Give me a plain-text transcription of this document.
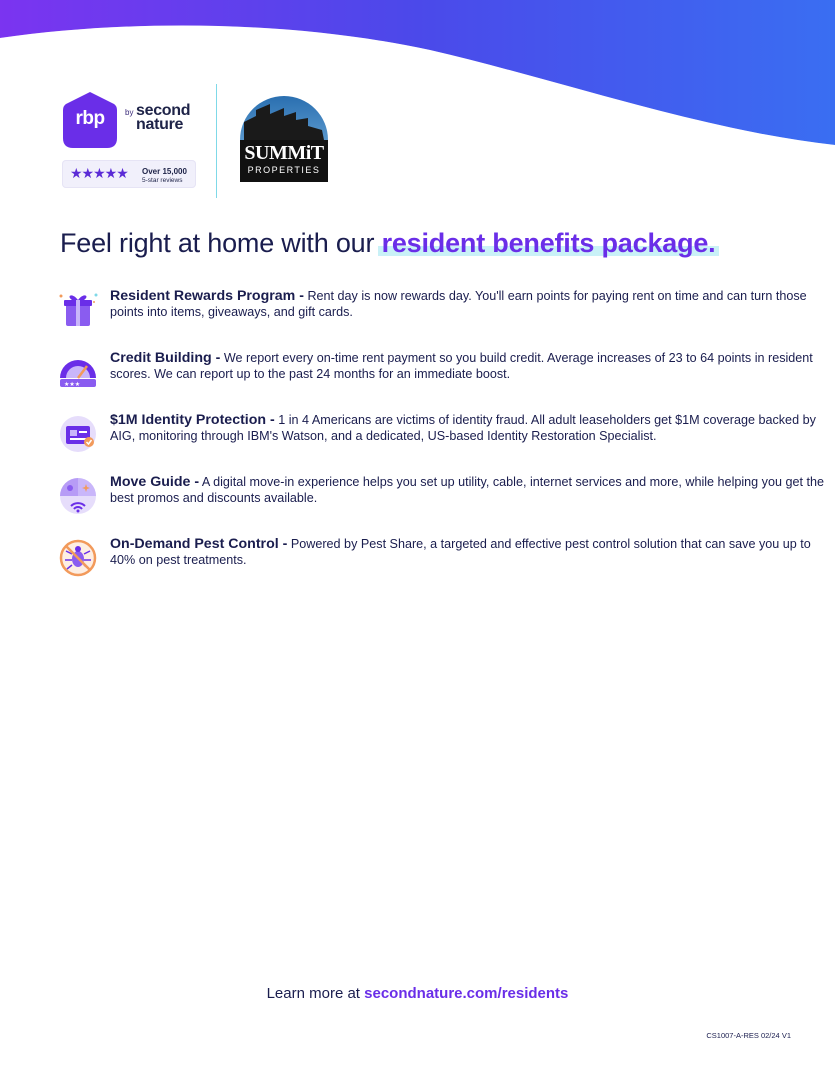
rbp	by second nature
★★★★★ Over 15,000
5-star reviews
SUMMiT
PROPERTIES
Feel right at home with our resident benefits package.
Resident Rewards Program - Rent day is now rewards day. You'll earn points for paying rent on time and can turn those points into items, giveaways, and gift cards.
★★★
Credit Building - We report every on-time rent payment so you build credit. Average increases of 23 to 64 points in resident scores. We can report up to the past 24 months for an immediate boost.
$1M Identity Protection - 1 in 4 Americans are victims of identity fraud. All adult leaseholders get $1M coverage backed by AIG, monitoring through IBM's Watson, and a dedicated, US-based Identity Restoration Specialist.
Move Guide - A digital move-in experience helps you set up utility, cable, internet services and more, while helping you get the best promos and discounts available.
On-Demand Pest Control - Powered by Pest Share, a targeted and effective pest control solution that can save you up to 40% on pest treatments.
Learn more at secondnature.com/residents
CS1007-A-RES 02/24 V1
